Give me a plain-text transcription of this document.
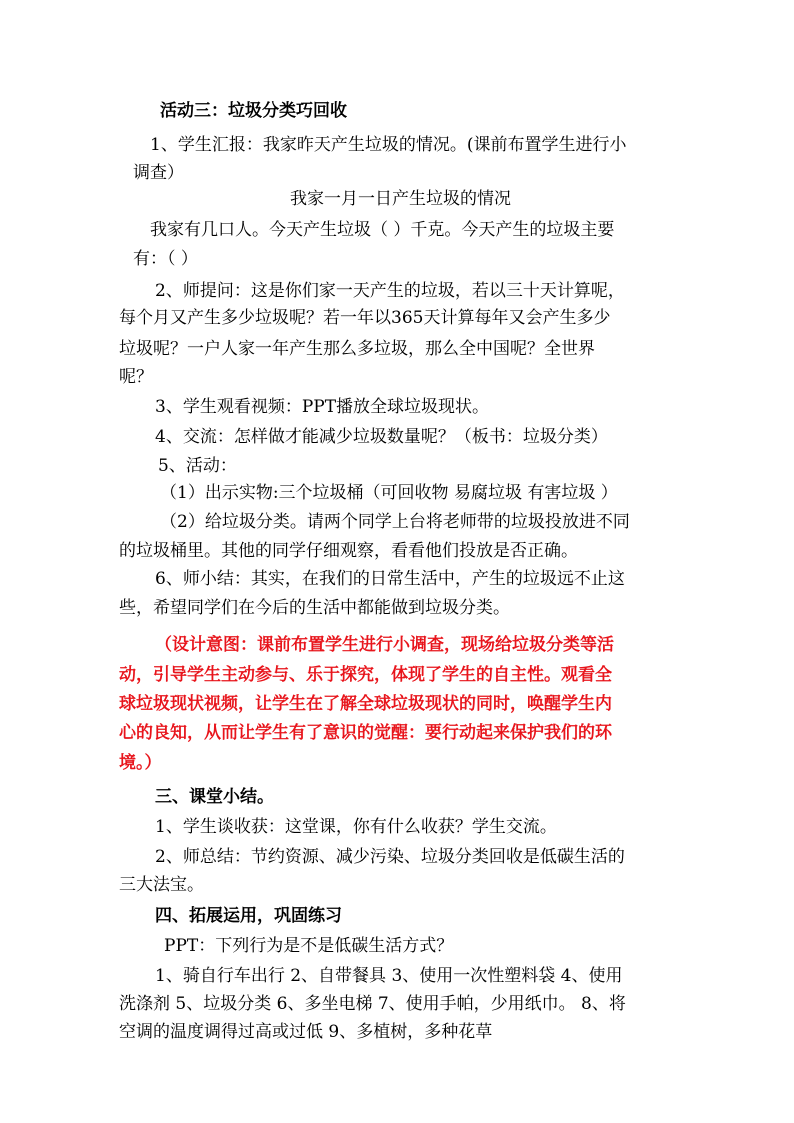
活动三：垃圾分类巧回收
1、学生汇报：我家昨天产生垃圾的情况。(课前布置学生进行小
调查）
我家一月一日产生垃圾的情况
我家有几口人。今天产生垃圾（ ）千克。今天产生的垃圾主要
有：（ ）
2、师提问：这是你们家一天产生的垃圾，若以三十天计算呢，
每个月又产生多少垃圾呢？若一年以365天计算每年又会产生多少
垃圾呢？一户人家一年产生那么多垃圾，那么全中国呢？全世界
呢？
3、学生观看视频：PPT播放全球垃圾现状。
4、交流：怎样做才能减少垃圾数量呢？（板书：垃圾分类）
5、活动：
（1）出示实物:三个垃圾桶（可回收物 易腐垃圾 有害垃圾 ）
（2）给垃圾分类。请两个同学上台将老师带的垃圾投放进不同
的垃圾桶里。其他的同学仔细观察，看看他们投放是否正确。
6、师小结：其实，在我们的日常生活中，产生的垃圾远不止这
些，希望同学们在今后的生活中都能做到垃圾分类。
（设计意图：课前布置学生进行小调查，现场给垃圾分类等活
动，引导学生主动参与、乐于探究，体现了学生的自主性。观看全
球垃圾现状视频，让学生在了解全球垃圾现状的同时，唤醒学生内
心的良知，从而让学生有了意识的觉醒：要行动起来保护我们的环
境。）
三、课堂小结。
1、学生谈收获：这堂课，你有什么收获？学生交流。
2、师总结：节约资源、减少污染、垃圾分类回收是低碳生活的
三大法宝。
四、拓展运用，巩固练习
PPT：下列行为是不是低碳生活方式？
1、骑自行车出行 2、自带餐具 3、使用一次性塑料袋 4、使用
洗涤剂 5、垃圾分类 6、多坐电梯 7、使用手帕，少用纸巾。 8、将
空调的温度调得过高或过低 9、多植树，多种花草
